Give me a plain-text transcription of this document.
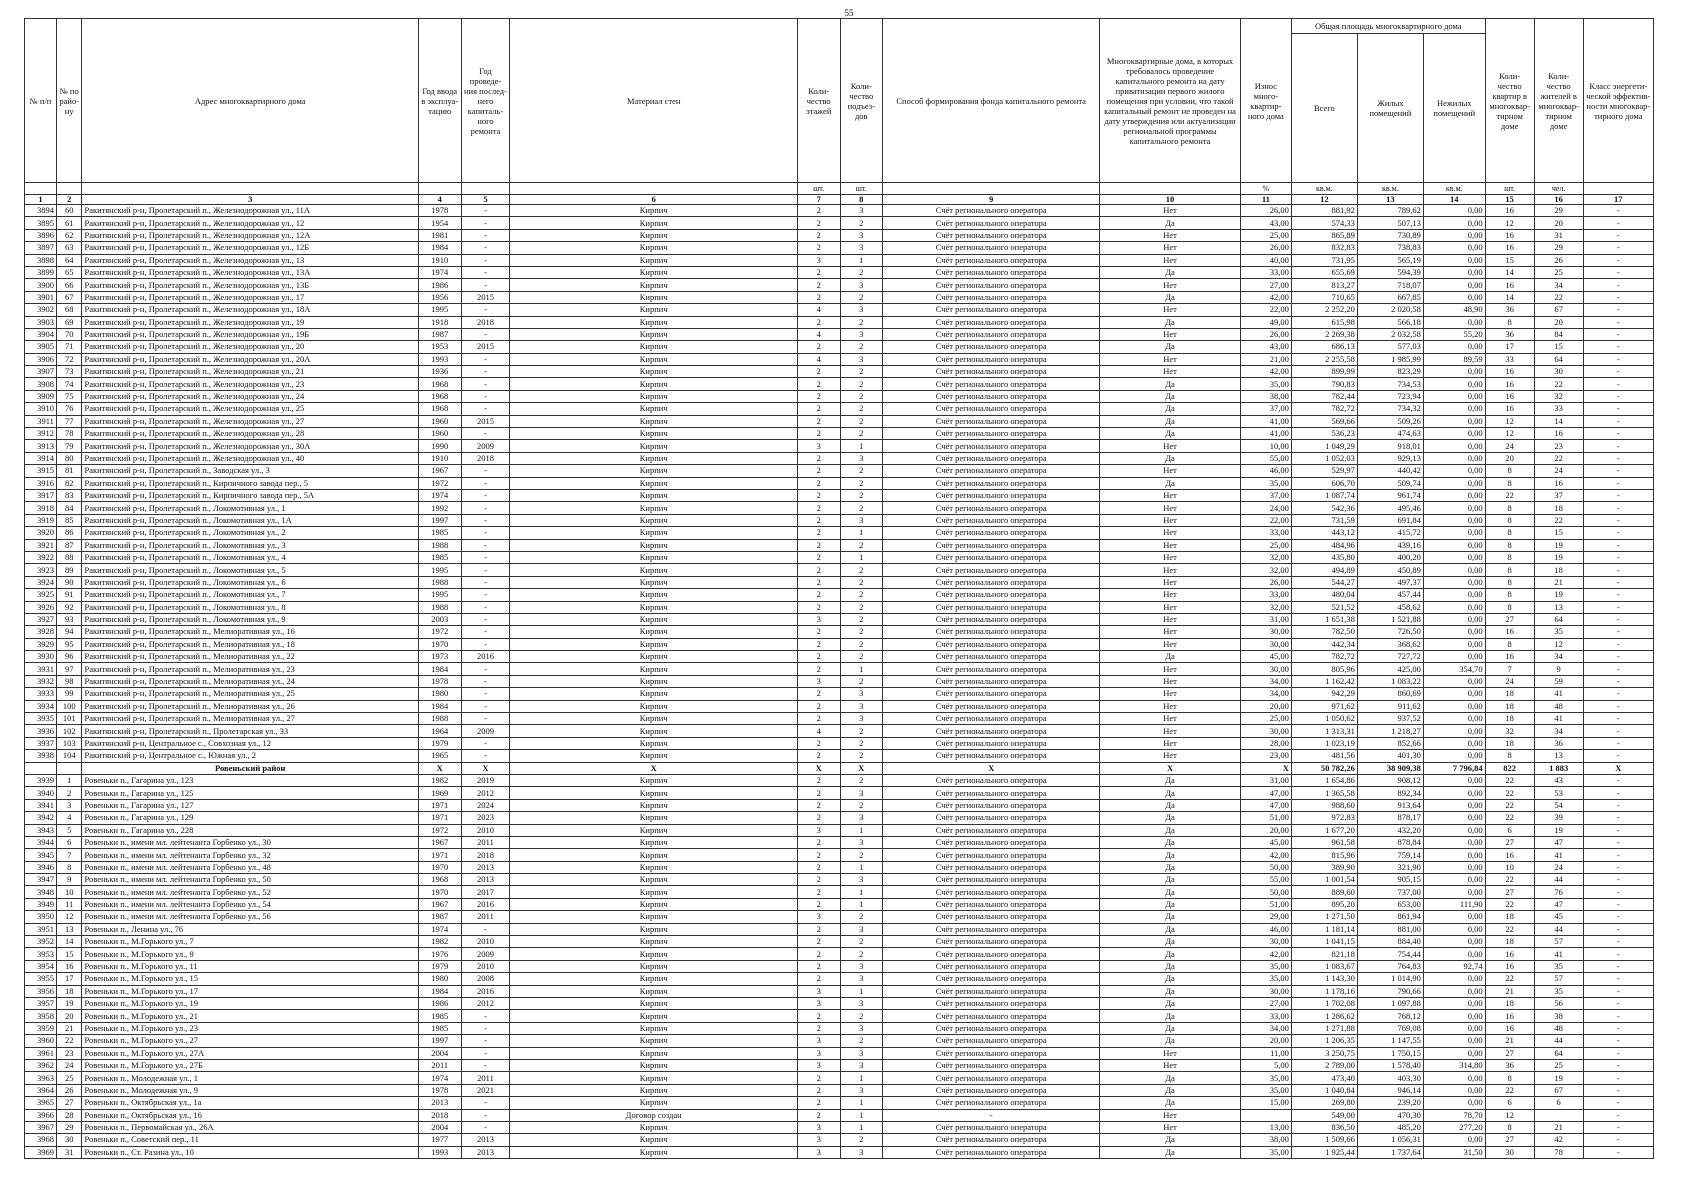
55
№ п/п	№ по райо- ну	Адрес многоквартирного дома	Год ввода в эксплуа- тацию	Год проведе- ния послед- него капиталь- ного ремонта	Материал стен	Коли- чество этажей	Коли- чество подъез- дов	Способ формирования фонда капитального ремонта	Многоквартирные дома, в которых требовалось проведение капитального ремонта на дату приватизации первого жилого помещения при условии, что такой капитальный ремонт не проведен на дату утверждения или актуализации региональной программы капитального ремонта	Износ много- квартир- ного дома	Общая площадь многоквартирного дома			Коли- чество квартир в многоквар- тирном доме	Коли- чество жителей в многоквар- тирном доме	Класс энергети- ческой эффектив- ности многоквар- тирного дома
											Всего	Жилых помещений	Нежилых помещений			
						шт.	шт.			%	кв.м.	кв.м.	кв.м.	шт.	чел.	
1	2	3	4	5	6	7	8	9	10	11	12	13	14	15	16	17
3894	60	Ракитянский р-н, Пролетарский п., Железнодорожная ул., 11А	1978	-	Кирпич	2	3	Счёт регионального оператора	Нет	26,00	881,92	789,62	0,00	16	29	-
3895	61	Ракитянский р-н, Пролетарский п., Железнодорожная ул., 12	1954	-	Кирпич	2	2	Счёт регионального оператора	Да	43,00	574,33	507,13	0,00	12	20	-
3896	62	Ракитянский р-н, Пролетарский п., Железнодорожная ул., 12А	1981	-	Кирпич	2	3	Счёт регионального оператора	Нет	25,00	865,89	730,89	0,00	16	31	-
3897	63	Ракитянский р-н, Пролетарский п., Железнодорожная ул., 12Б	1984	-	Кирпич	2	3	Счёт регионального оператора	Нет	26,00	832,83	738,83	0,00	16	29	-
3898	64	Ракитянский р-н, Пролетарский п., Железнодорожная ул., 13	1910	-	Кирпич	3	1	Счёт регионального оператора	Нет	40,00	731,95	565,19	0,00	15	26	-
3899	65	Ракитянский р-н, Пролетарский п., Железнодорожная ул., 13А	1974	-	Кирпич	2	2	Счёт регионального оператора	Да	33,00	655,69	594,39	0,00	14	25	-
3900	66	Ракитянский р-н, Пролетарский п., Железнодорожная ул., 13Б	1986	-	Кирпич	2	3	Счёт регионального оператора	Нет	27,00	813,27	718,07	0,00	16	34	-
3901	67	Ракитянский р-н, Пролетарский п., Железнодорожная ул., 17	1956	2015	Кирпич	2	2	Счёт регионального оператора	Да	42,00	710,65	667,85	0,00	14	22	-
3902	68	Ракитянский р-н, Пролетарский п., Железнодорожная ул., 18А	1995	-	Кирпич	4	3	Счёт регионального оператора	Нет	22,00	2 252,20	2 020,58	48,90	36	67	-
3903	69	Ракитянский р-н, Пролетарский п., Железнодорожная ул., 19	1918	2018	Кирпич	2	2	Счёт регионального оператора	Да	49,00	615,98	566,18	0,00	8	20	-
3904	70	Ракитянский р-н, Пролетарский п., Железнодорожная ул., 19Б	1987	-	Кирпич	4	3	Счёт регионального оператора	Нет	26,00	2 269,38	2 032,58	55,20	36	84	-
3905	71	Ракитянский р-н, Пролетарский п., Железнодорожная ул., 20	1953	2015	Кирпич	2	2	Счёт регионального оператора	Да	43,00	686,13	577,03	0,00	17	15	-
3906	72	Ракитянский р-н, Пролетарский п., Железнодорожная ул., 20А	1993	-	Кирпич	4	3	Счёт регионального оператора	Нет	21,00	2 255,58	1 985,99	89,59	33	64	-
3907	73	Ракитянский р-н, Пролетарский п., Железнодорожная ул., 21	1936	-	Кирпич	2	2	Счёт регионального оператора	Нет	42,00	899,99	823,29	0,00	16	30	-
3908	74	Ракитянский р-н, Пролетарский п., Железнодорожная ул., 23	1968	-	Кирпич	2	2	Счёт регионального оператора	Да	35,00	790,83	734,53	0,00	16	22	-
3909	75	Ракитянский р-н, Пролетарский п., Железнодорожная ул., 24	1968	-	Кирпич	2	2	Счёт регионального оператора	Да	38,00	782,44	723,94	0,00	16	32	-
3910	76	Ракитянский р-н, Пролетарский п., Железнодорожная ул., 25	1968	-	Кирпич	2	2	Счёт регионального оператора	Да	37,00	782,72	734,32	0,00	16	33	-
3911	77	Ракитянский р-н, Пролетарский п., Железнодорожная ул., 27	1960	2015	Кирпич	2	2	Счёт регионального оператора	Да	41,00	569,66	509,26	0,00	12	14	-
3912	78	Ракитянский р-н, Пролетарский п., Железнодорожная ул., 28	1960	-	Кирпич	2	2	Счёт регионального оператора	Да	41,00	536,23	474,63	0,00	12	16	-
3913	79	Ракитянский р-н, Пролетарский п., Железнодорожная ул., 30А	1990	2009	Кирпич	3	1	Счёт регионального оператора	Нет	10,00	1 049,29	918,01	0,00	24	23	-
3914	80	Ракитянский р-н, Пролетарский п., Железнодорожная ул., 40	1910	2018	Кирпич	2	3	Счёт регионального оператора	Да	55,00	1 052,03	929,13	0,00	20	22	-
3915	81	Ракитянский р-н, Пролетарский п., Заводская ул., 3	1967	-	Кирпич	2	2	Счёт регионального оператора	Нет	46,00	529,97	440,42	0,00	8	24	-
3916	82	Ракитянский р-н, Пролетарский п., Кирпичного завода пер., 5	1972	-	Кирпич	2	2	Счёт регионального оператора	Да	35,00	606,70	509,74	0,00	8	16	-
3917	83	Ракитянский р-н, Пролетарский п., Кирпичного завода пер., 5А	1974	-	Кирпич	2	2	Счёт регионального оператора	Нет	37,00	1 087,74	961,74	0,00	22	37	-
3918	84	Ракитянский р-н, Пролетарский п., Локомотивная ул., 1	1992	-	Кирпич	2	2	Счёт регионального оператора	Нет	24,00	542,36	495,46	0,00	8	18	-
3919	85	Ракитянский р-н, Пролетарский п., Локомотивная ул., 1А	1997	-	Кирпич	2	3	Счёт регионального оператора	Нет	22,00	731,59	691,84	0,00	8	22	-
3920	86	Ракитянский р-н, Пролетарский п., Локомотивная ул., 2	1985	-	Кирпич	2	1	Счёт регионального оператора	Нет	33,00	443,12	415,72	0,00	8	15	-
3921	87	Ракитянский р-н, Пролетарский п., Локомотивная ул., 3	1988	-	Кирпич	2	2	Счёт регионального оператора	Нет	25,00	484,96	439,16	0,00	8	19	-
3922	88	Ракитянский р-н, Пролетарский п., Локомотивная ул., 4	1985	-	Кирпич	2	1	Счёт регионального оператора	Нет	32,00	435,80	400,20	0,00	8	19	-
3923	89	Ракитянский р-н, Пролетарский п., Локомотивная ул., 5	1995	-	Кирпич	2	2	Счёт регионального оператора	Нет	32,00	494,89	450,89	0,00	8	18	-
3924	90	Ракитянский р-н, Пролетарский п., Локомотивная ул., 6	1988	-	Кирпич	2	2	Счёт регионального оператора	Нет	26,00	544,27	497,37	0,00	8	21	-
3925	91	Ракитянский р-н, Пролетарский п., Локомотивная ул., 7	1995	-	Кирпич	2	2	Счёт регионального оператора	Нет	33,00	480,04	457,44	0,00	8	19	-
3926	92	Ракитянский р-н, Пролетарский п., Локомотивная ул., 8	1988	-	Кирпич	2	2	Счёт регионального оператора	Нет	32,00	521,52	458,62	0,00	8	13	-
3927	93	Ракитянский р-н, Пролетарский п., Локомотивная ул., 9	2003	-	Кирпич	3	2	Счёт регионального оператора	Нет	31,00	1 651,38	1 521,88	0,00	27	64	-
3928	94	Ракитянский р-н, Пролетарский п., Мелиоративная ул., 16	1972	-	Кирпич	2	2	Счёт регионального оператора	Нет	30,00	782,50	726,50	0,00	16	35	-
3929	95	Ракитянский р-н, Пролетарский п., Мелиоративная ул., 18	1970	-	Кирпич	2	2	Счёт регионального оператора	Нет	30,00	442,34	368,62	0,00	8	12	-
3930	96	Ракитянский р-н, Пролетарский п., Мелиоративная ул., 22	1973	2016	Кирпич	2	2	Счёт регионального оператора	Да	45,00	782,72	727,72	0,00	16	34	-
3931	97	Ракитянский р-н, Пролетарский п., Мелиоративная ул., 23	1984	-	Кирпич	2	1	Счёт регионального оператора	Нет	30,00	805,96	425,00	354,70	7	9	-
3932	98	Ракитянский р-н, Пролетарский п., Мелиоративная ул., 24	1978	-	Кирпич	3	2	Счёт регионального оператора	Нет	34,00	1 162,42	1 083,22	0,00	24	59	-
3933	99	Ракитянский р-н, Пролетарский п., Мелиоративная ул., 25	1980	-	Кирпич	2	3	Счёт регионального оператора	Нет	34,00	942,29	860,69	0,00	18	41	-
3934	100	Ракитянский р-н, Пролетарский п., Мелиоративная ул., 26	1984	-	Кирпич	2	3	Счёт регионального оператора	Нет	20,00	971,62	911,62	0,00	18	48	-
3935	101	Ракитянский р-н, Пролетарский п., Мелиоративная ул., 27	1988	-	Кирпич	2	3	Счёт регионального оператора	Нет	25,00	1 050,62	937,52	0,00	18	41	-
3936	102	Ракитянский р-н, Пролетарский п., Пролетарская ул., 33	1964	2009	Кирпич	4	2	Счёт регионального оператора	Нет	30,00	1 313,31	1 218,27	0,00	32	34	-
3937	103	Ракитянский р-н, Центральное с., Совхозная ул., 12	1979	-	Кирпич	2	2	Счёт регионального оператора	Нет	28,00	1 023,19	852,66	0,00	18	36	-
3938	104	Ракитянский р-н, Центральное с., Южная ул., 2	1965	-	Кирпич	2	2	Счёт регионального оператора	Нет	23,00	481,56	401,30	0,00	8	13	-
		Ровеньский район	X	X	X	X	X	X	X	X	50 782,26	38 909,38	7 796,84	822	1 883	X
3939	1	Ровеньки п., Гагарина ул., 123	1982	2019	Кирпич	2	2	Счёт регионального оператора	Да	31,00	1 654,86	908,12	0,00	22	43	-
3940	2	Ровеньки п., Гагарина ул., 125	1969	2012	Кирпич	2	3	Счёт регионального оператора	Да	47,00	1 365,58	892,34	0,00	22	53	-
3941	3	Ровеньки п., Гагарина ул., 127	1971	2024	Кирпич	2	2	Счёт регионального оператора	Да	47,00	988,60	913,64	0,00	22	54	-
3942	4	Ровеньки п., Гагарина ул., 129	1971	2023	Кирпич	2	3	Счёт регионального оператора	Да	51,00	972,83	878,17	0,00	22	39	-
3943	5	Ровеньки п., Гагарина ул., 228	1972	2010	Кирпич	3	1	Счёт регионального оператора	Да	20,00	1 677,20	432,20	0,00	6	19	-
3944	6	Ровеньки п., имени мл. лейтенанта Горбенко ул., 30	1967	2011	Кирпич	2	3	Счёт регионального оператора	Да	45,00	961,58	878,84	0,00	27	47	-
3945	7	Ровеньки п., имени мл. лейтенанта Горбенко ул., 32	1971	2018	Кирпич	2	2	Счёт регионального оператора	Да	42,00	815,96	759,14	0,00	16	41	-
3946	8	Ровеньки п., имени мл. лейтенанта Горбенко ул., 48	1970	2013	Кирпич	2	1	Счёт регионального оператора	Да	50,00	389,90	321,90	0,00	10	24	-
3947	9	Ровеньки п., имени мл. лейтенанта Горбенко ул., 50	1968	2013	Кирпич	2	3	Счёт регионального оператора	Да	55,00	1 001,54	905,15	0,00	22	44	-
3948	10	Ровеньки п., имени мл. лейтенанта Горбенко ул., 52	1970	2017	Кирпич	2	1	Счёт регионального оператора	Да	50,00	889,60	737,00	0,00	27	76	-
3949	11	Ровеньки п., имени мл. лейтенанта Горбенко ул., 54	1967	2016	Кирпич	2	1	Счёт регионального оператора	Да	51,00	895,20	653,00	111,90	22	47	-
3950	12	Ровеньки п., имени мл. лейтенанта Горбенко ул., 56	1987	2011	Кирпич	3	2	Счёт регионального оператора	Да	29,00	1 271,50	861,94	0,00	18	45	-
3951	13	Ровеньки п., Ленина ул., 76	1974	-	Кирпич	2	3	Счёт регионального оператора	Да	46,00	1 181,14	881,00	0,00	22	44	-
3952	14	Ровеньки п., М.Горького ул., 7	1982	2010	Кирпич	2	2	Счёт регионального оператора	Да	30,00	1 041,15	884,40	0,00	18	57	-
3953	15	Ровеньки п., М.Горького ул., 9	1976	2009	Кирпич	2	2	Счёт регионального оператора	Да	42,00	821,18	754,44	0,00	16	41	-
3954	16	Ровеньки п., М.Горького ул., 11	1979	2010	Кирпич	2	3	Счёт регионального оператора	Да	35,00	1 083,67	764,83	92,74	16	35	-
3955	17	Ровеньки п., М.Горького ул., 15	1980	2008	Кирпич	2	3	Счёт регионального оператора	Да	35,00	1 143,30	1 014,90	0,00	22	57	-
3956	18	Ровеньки п., М.Горького ул., 17	1984	2016	Кирпич	3	1	Счёт регионального оператора	Да	30,00	1 178,16	790,66	0,00	21	35	-
3957	19	Ровеньки п., М.Горького ул., 19	1986	2012	Кирпич	3	3	Счёт регионального оператора	Да	27,00	1 702,08	1 097,88	0,00	18	56	-
3958	20	Ровеньки п., М.Горького ул., 21	1985	-	Кирпич	2	2	Счёт регионального оператора	Да	33,00	1 286,62	768,12	0,00	16	38	-
3959	21	Ровеньки п., М.Горького ул., 23	1985	-	Кирпич	2	3	Счёт регионального оператора	Да	34,00	1 271,88	769,08	0,00	16	48	-
3960	22	Ровеньки п., М.Горького ул., 27	1997	-	Кирпич	3	2	Счёт регионального оператора	Да	20,00	1 206,35	1 147,55	0,00	21	44	-
3961	23	Ровеньки п., М.Горького ул., 27А	2004	-	Кирпич	3	3	Счёт регионального оператора	Нет	11,00	3 250,75	1 750,15	0,00	27	64	-
3962	24	Ровеньки п., М.Горького ул., 27Б	2011	-	Кирпич	3	3	Счёт регионального оператора	Нет	5,00	2 789,00	1 578,40	314,80	36	25	-
3963	25	Ровеньки п., Молодежная ул., 1	1974	2011	Кирпич	2	1	Счёт регионального оператора	Да	35,00	473,40	403,30	0,00	8	19	-
3964	26	Ровеньки п., Молодежная ул., 9	1978	2021	Кирпич	2	3	Счёт регионального оператора	Да	35,00	1 040,84	946,14	0,00	22	67	-
3965	27	Ровеньки п., Октябрьская ул., 1а	2013	-	Кирпич	2	1	Счёт регионального оператора	Да	15,00	269,80	239,20	0,00	6	6	-
3966	28	Ровеньки п., Октябрьская ул., 16	2018	-	Договор создан	2	1	-	Нет		549,00	470,30	78,70	12		-
3967	29	Ровеньки п., Первомайская ул., 26А	2004	-	Кирпич	3	1	Счёт регионального оператора	Нет	13,00	836,50	485,20	277,20	8	21	-
3968	30	Ровеньки п., Советский пер., 11	1977	2013	Кирпич	3	2	Счёт регионального оператора	Да	38,00	1 509,66	1 056,31	0,00	27	42	-
3969	31	Ровеньки п., Ст. Разина ул., 10	1993	2013	Кирпич	3	3	Счёт регионального оператора	Да	35,00	1 925,44	1 737,64	31,50	30	78	-
